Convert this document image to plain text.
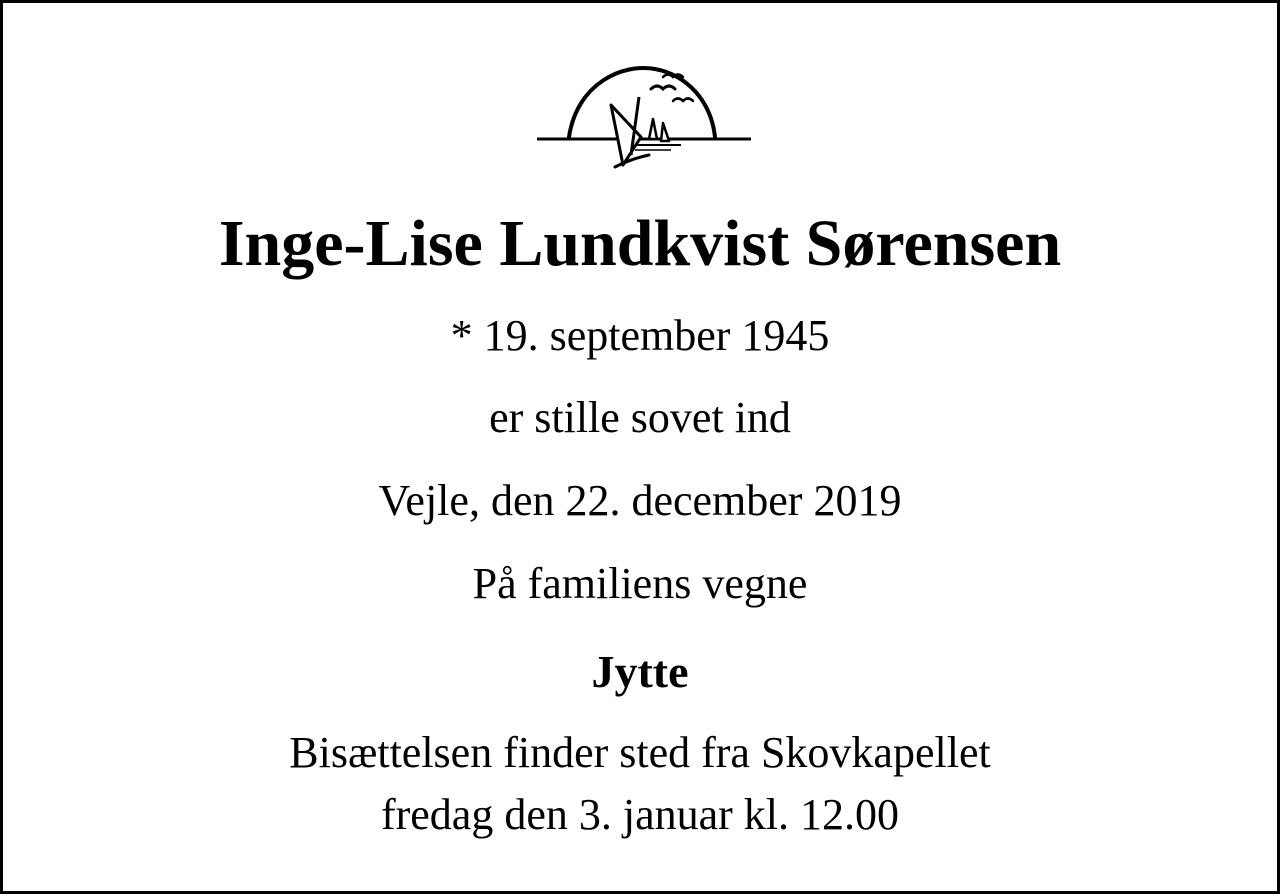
Inge-Lise Lundkvist Sørensen
* 19. september 1945
er stille sovet ind
Vejle, den 22. december 2019
På familiens vegne
Jytte
Bisættelsen finder sted fra Skovkapellet
fredag den 3. januar kl. 12.00
